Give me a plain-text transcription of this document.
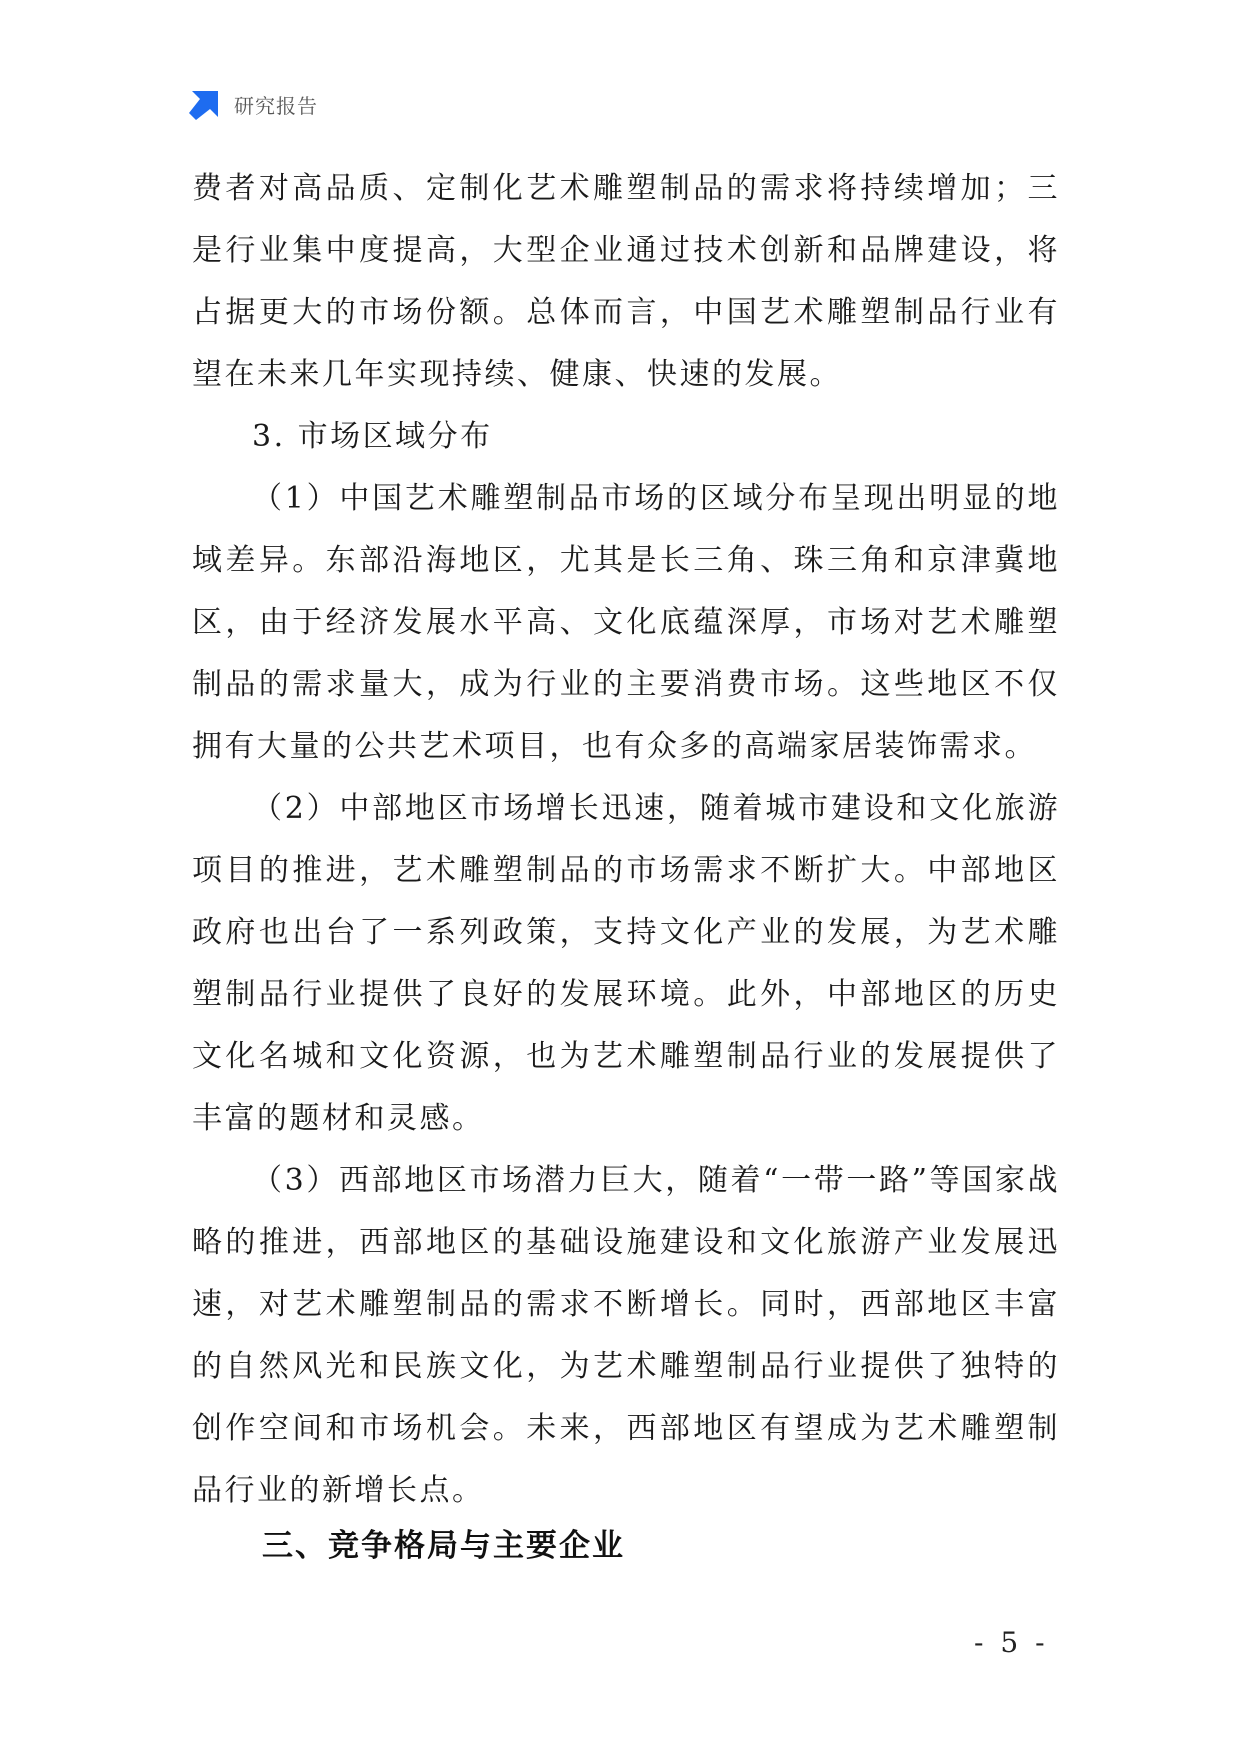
研究报告

费者对高品质、定制化艺术雕塑制品的需求将持续增加；三是行业集中度提高，大型企业通过技术创新和品牌建设，将占据更大的市场份额。总体而言，中国艺术雕塑制品行业有望在未来几年实现持续、健康、快速的发展。

3. 市场区域分布

（1）中国艺术雕塑制品市场的区域分布呈现出明显的地域差异。东部沿海地区，尤其是长三角、珠三角和京津冀地区，由于经济发展水平高、文化底蕴深厚，市场对艺术雕塑制品的需求量大，成为行业的主要消费市场。这些地区不仅拥有大量的公共艺术项目，也有众多的高端家居装饰需求。

（2）中部地区市场增长迅速，随着城市建设和文化旅游项目的推进，艺术雕塑制品的市场需求不断扩大。中部地区政府也出台了一系列政策，支持文化产业的发展，为艺术雕塑制品行业提供了良好的发展环境。此外，中部地区的历史文化名城和文化资源，也为艺术雕塑制品行业的发展提供了丰富的题材和灵感。

（3）西部地区市场潜力巨大，随着“一带一路”等国家战略的推进，西部地区的基础设施建设和文化旅游产业发展迅速，对艺术雕塑制品的需求不断增长。同时，西部地区丰富的自然风光和民族文化，为艺术雕塑制品行业提供了独特的创作空间和市场机会。未来，西部地区有望成为艺术雕塑制品行业的新增长点。

三、竞争格局与主要企业
- 5 -
